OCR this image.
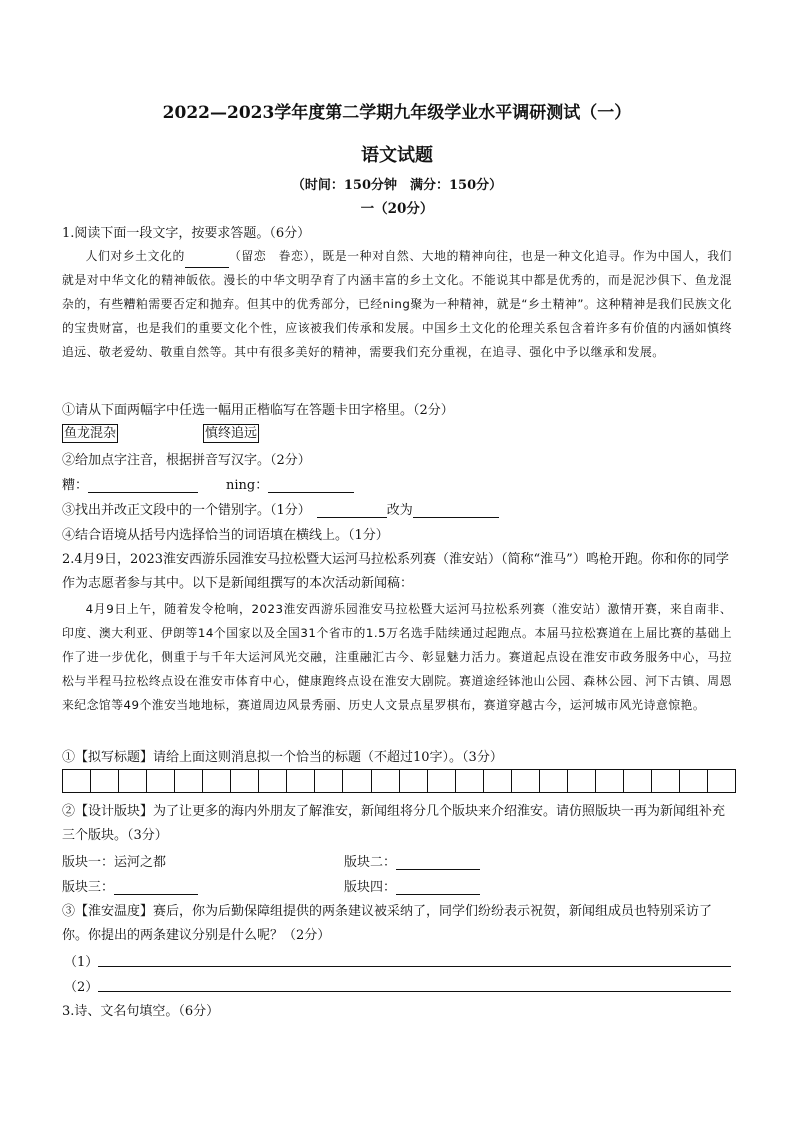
2022—2023学年度第二学期九年级学业水平调研测试（一）
语文试题
（时间：150分钟　满分：150分）
一（20分）
1.阅读下面一段文字，按要求答题。（6分）

人们对乡土文化的	（留恋　眷恋），既是一种对自然、大地的精神向往，也是一种文化追寻。作为中国人，我们就是对中华文化的精神皈依。漫长的中华文明孕育了内涵丰富的乡土文化。不能说其中都是优秀的，而是泥沙俱下、鱼龙混杂的，有些糟粕需要否定和抛弃。但其中的优秀部分，已经ning聚为一种精神，就是“乡土精神”。这种精神是我们民族文化的宝贵财富，也是我们的重要文化个性，应该被我们传承和发展。中国乡土文化的伦理关系包含着许多有价值的内涵如慎终追远、敬老爱幼、敬重自然等。其中有很多美好的精神，需要我们充分重视，在追寻、强化中予以继承和发展。

①请从下面两幅字中任选一幅用正楷临写在答题卡田字格里。（2分）
鱼龙混杂	慎终追远
②给加点字注音，根据拼音写汉字。（2分）
糟：	ning：
③找出并改正文段中的一个错别字。（1分）	改为
④结合语境从括号内选择恰当的词语填在横线上。（1分）
2.4月9日，2023淮安西游乐园淮安马拉松暨大运河马拉松系列赛（淮安站）（简称“淮马”）鸣枪开跑。你和你的同学作为志愿者参与其中。以下是新闻组撰写的本次活动新闻稿：

4月9日上午，随着发令枪响，2023淮安西游乐园淮安马拉松暨大运河马拉松系列赛（淮安站）激情开赛，来自南非、印度、澳大利亚、伊朗等14个国家以及全国31个省市的1.5万名选手陆续通过起跑点。本届马拉松赛道在上届比赛的基础上作了进一步优化，侧重于与千年大运河风光交融，注重融汇古今、彰显魅力活力。赛道起点设在淮安市政务服务中心，马拉松与半程马拉松终点设在淮安市体育中心，健康跑终点设在淮安大剧院。赛道途经钵池山公园、森林公园、河下古镇、周恩来纪念馆等49个淮安当地地标，赛道周边风景秀丽、历史人文景点星罗棋布，赛道穿越古今，运河城市风光诗意惊艳。

①【拟写标题】请给上面这则消息拟一个恰当的标题（不超过10字）。（3分）
②【设计版块】为了让更多的海内外朋友了解淮安，新闻组将分几个版块来介绍淮安。请仿照版块一再为新闻组补充三个版块。（3分）
版块一：运河之都	版块二：
版块三：	版块四：
③【淮安温度】赛后，你为后勤保障组提供的两条建议被采纳了，同学们纷纷表示祝贺，新闻组成员也特别采访了你。你提出的两条建议分别是什么呢？（2分）
（1）
（2）
3.诗、文名句填空。（6分）
